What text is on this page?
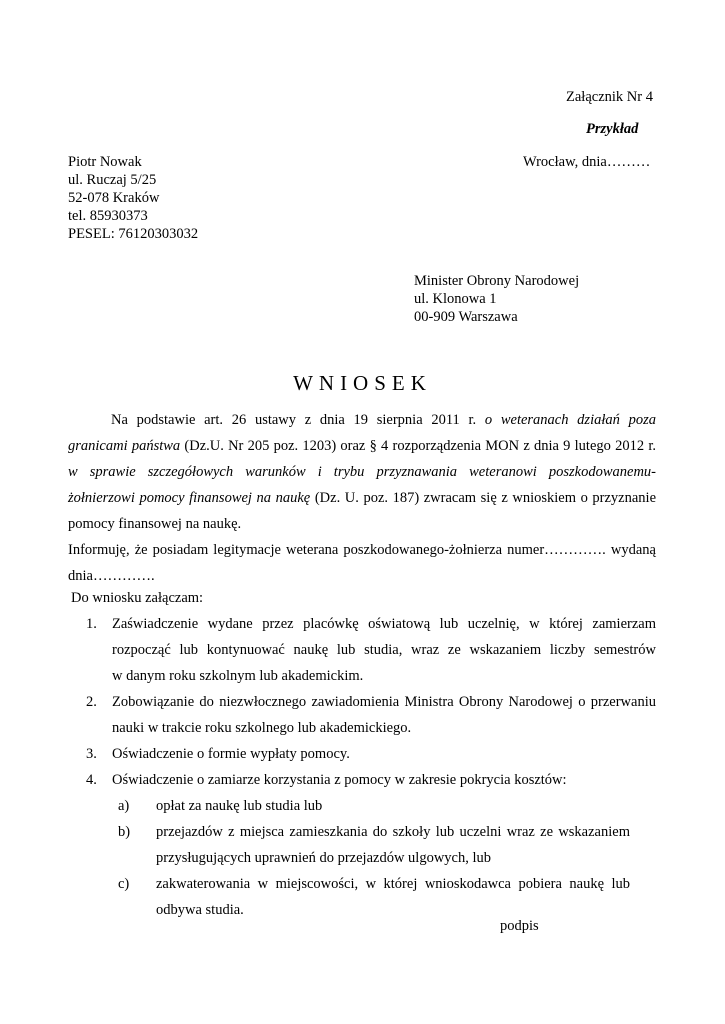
Załącznik Nr 4
Przykład
Wrocław, dnia………
Piotr Nowak
ul. Ruczaj 5/25
52-078 Kraków
tel. 85930373
PESEL: 76120303032
Minister Obrony Narodowej
ul. Klonowa 1
00-909 Warszawa
WNIOSEK
Na podstawie art. 26 ustawy z dnia 19 sierpnia 2011 r. o weteranach działań poza
granicami państwa (Dz.U. Nr 205 poz. 1203) oraz § 4 rozporządzenia MON z dnia 9 lutego 2012 r.
w sprawie szczegółowych warunków i trybu przyznawania weteranowi poszkodowanemu-
żołnierzowi pomocy finansowej na naukę (Dz. U. poz. 187) zwracam się z wnioskiem o przyznanie
pomocy finansowej na naukę.
Informuję, że posiadam legitymacje weterana poszkodowanego-żołnierza numer…………. wydaną
dnia………….
Do wniosku załączam:
1. Zaświadczenie wydane przez placówkę oświatową lub uczelnię, w której zamierzam
rozpocząć lub kontynuować naukę lub studia, wraz ze wskazaniem liczby semestrów
w danym roku szkolnym lub akademickim.
2. Zobowiązanie do niezwłocznego zawiadomienia Ministra Obrony Narodowej o przerwaniu
nauki w trakcie roku szkolnego lub akademickiego.
3. Oświadczenie o formie wypłaty pomocy.
4. Oświadczenie o zamiarze korzystania z pomocy w zakresie pokrycia kosztów:
a) opłat za naukę lub studia lub
b) przejazdów z miejsca zamieszkania do szkoły lub uczelni wraz ze wskazaniem
przysługujących uprawnień do przejazdów ulgowych, lub
c) zakwaterowania w miejscowości, w której wnioskodawca pobiera naukę lub
odbywa studia.
podpis
